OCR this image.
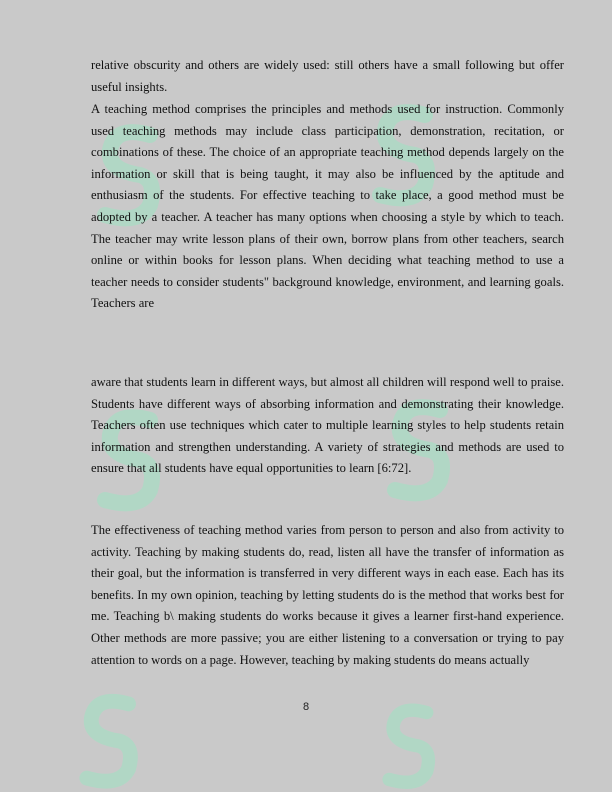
relative obscurity and others are widely used: still others have a small following but offer useful insights.

A teaching method comprises the principles and methods used for instruction. Commonly used teaching methods may include class participation, demonstration, recitation, or combinations of these. The choice of an appropriate teaching method depends largely on the information or skill that is being taught, it may also be influenced by the aptitude and enthusiasm of the students. For effective teaching to take place, a good method must be adopted by a teacher. A teacher has many options when choosing a style by which to teach. The teacher may write lesson plans of their own, borrow plans from other teachers, search online or within books for lesson plans. When deciding what teaching method to use a teacher needs to consider students" background knowledge, environment, and learning goals. Teachers are

aware that students learn in different ways, but almost all children will respond well to praise. Students have different ways of absorbing information and demonstrating their knowledge. Teachers often use techniques which cater to multiple learning styles to help students retain information and strengthen understanding. A variety of strategies and methods are used to ensure that all students have equal opportunities to learn [6:72].

The effectiveness of teaching method varies from person to person and also from activity to activity. Teaching by making students do, read, listen all have the transfer of information as their goal, but the information is transferred in very different ways in each ease. Each has its benefits. In my own opinion, teaching by letting students do is the method that works best for me. Teaching b\ making students do works because it gives a learner first-hand experience. Other methods are more passive; you are either listening to a conversation or trying to pay attention to words on a page. However, teaching by making students do means actually

8
